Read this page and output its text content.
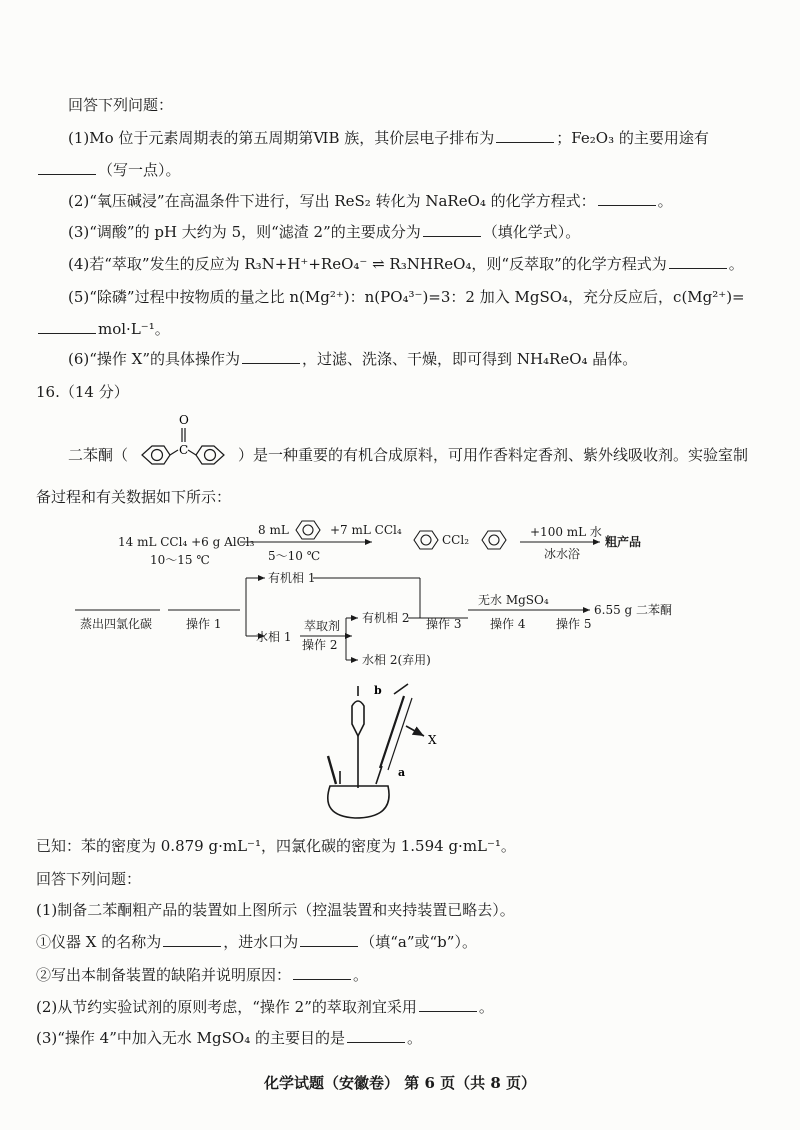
回答下列问题：
(1)Mo 位于元素周期表的第五周期第ⅥB 族，其价层电子排布为	；Fe₂O₃ 的主要用途有
（写一点）。
(2)“氧压碱浸”在高温条件下进行，写出 ReS₂ 转化为 NaReO₄ 的化学方程式：	。
(3)“调酸”的 pH 大约为 5，则“滤渣 2”的主要成分为	（填化学式）。
(4)若“萃取”发生的反应为 R₃N+H⁺+ReO₄⁻ ⇌ R₃NHReO₄，则“反萃取”的化学方程式为	。
(5)“除磷”过程中按物质的量之比 n(Mg²⁺)：n(PO₄³⁻)=3：2 加入 MgSO₄，充分反应后，c(Mg²⁺)=
mol·L⁻¹。
(6)“操作 X”的具体操作为	，过滤、洗涤、干燥，即可得到 NH₄ReO₄ 晶体。
16.（14 分）
二苯酮（	）是一种重要的有机合成原料，可用作香料定香剂、紫外线吸收剂。实验室制
O
C
备过程和有关数据如下所示：
14 mL CCl₄ +6 g AlCl₃
10～15 ℃
8 mL	+7 mL CCl₄
5～10 ℃
CCl₂
+100 mL 水
冰水浴
粗产品
蒸出四氯化碳	操作 1
有机相 1
水相 1
萃取剂
操作 2
有机相 2
水相 2(弃用)
操作 3
无水 MgSO₄
操作 4	操作 5
6.55 g 二苯酮
X
b
a
已知：苯的密度为 0.879 g·mL⁻¹，四氯化碳的密度为 1.594 g·mL⁻¹。
回答下列问题：
(1)制备二苯酮粗产品的装置如上图所示（控温装置和夹持装置已略去）。
①仪器 X 的名称为	，进水口为	（填“a”或“b”）。
②写出本制备装置的缺陷并说明原因：	。
(2)从节约实验试剂的原则考虑，“操作 2”的萃取剂宜采用	。
(3)“操作 4”中加入无水 MgSO₄ 的主要目的是	。
化学试题（安徽卷） 第 6 页（共 8 页）
